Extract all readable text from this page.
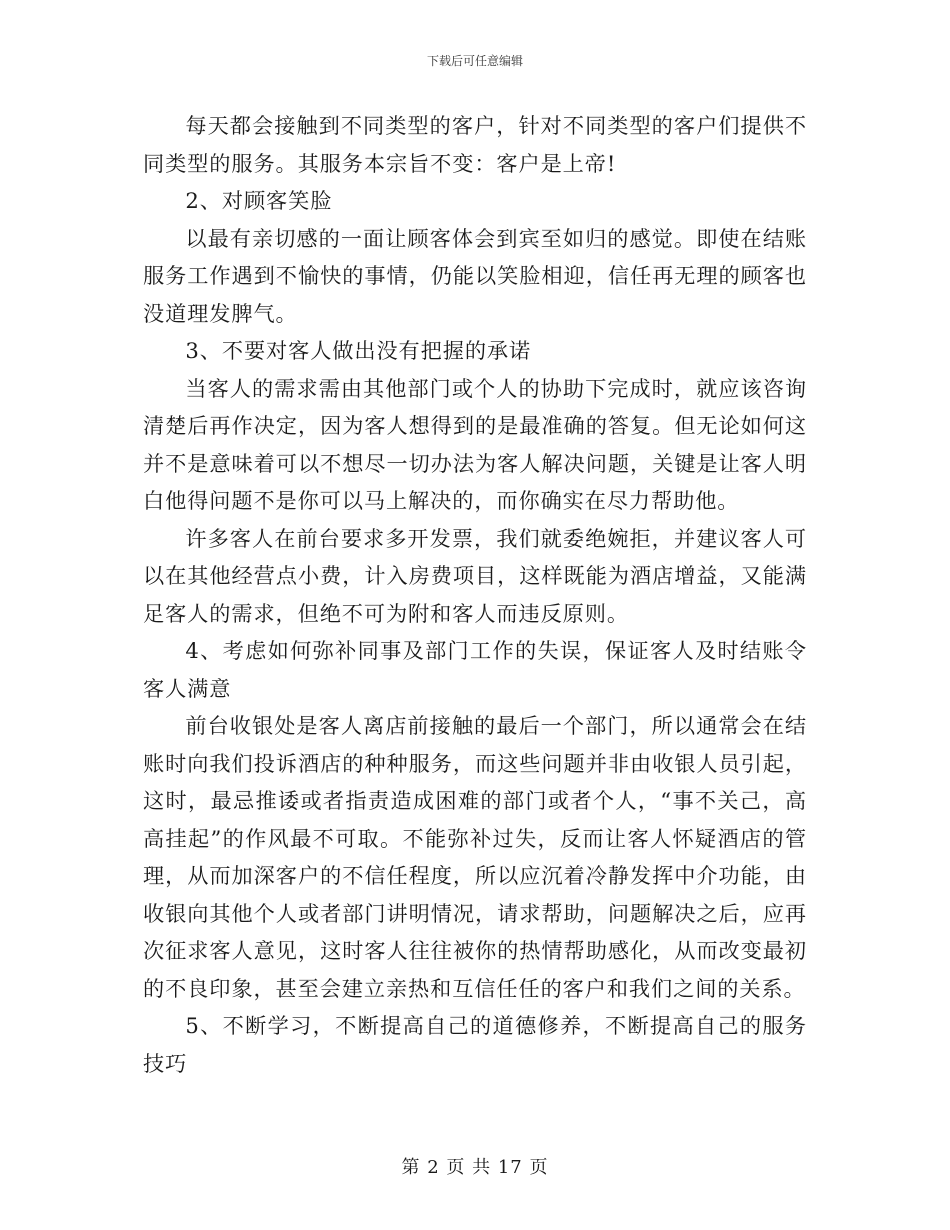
下载后可任意编辑

每天都会接触到不同类型的客户，针对不同类型的客户们提供不同类型的服务。其服务本宗旨不变：客户是上帝!

2、对顾客笑脸

以最有亲切感的一面让顾客体会到宾至如归的感觉。即使在结账服务工作遇到不愉快的事情，仍能以笑脸相迎，信任再无理的顾客也没道理发脾气。

3、不要对客人做出没有把握的承诺

当客人的需求需由其他部门或个人的协助下完成时，就应该咨询清楚后再作决定，因为客人想得到的是最准确的答复。但无论如何这并不是意味着可以不想尽一切办法为客人解决问题，关键是让客人明白他得问题不是你可以马上解决的，而你确实在尽力帮助他。

许多客人在前台要求多开发票，我们就委绝婉拒，并建议客人可以在其他经营点小费，计入房费项目，这样既能为酒店增益，又能满足客人的需求，但绝不可为附和客人而违反原则。

4、考虑如何弥补同事及部门工作的失误，保证客人及时结账令客人满意

前台收银处是客人离店前接触的最后一个部门，所以通常会在结账时向我们投诉酒店的种种服务，而这些问题并非由收银人员引起，这时，最忌推诿或者指责造成困难的部门或者个人，“事不关己，高高挂起”的作风最不可取。不能弥补过失，反而让客人怀疑酒店的管理，从而加深客户的不信任程度，所以应沉着冷静发挥中介功能，由收银向其他个人或者部门讲明情况，请求帮助，问题解决之后，应再次征求客人意见，这时客人往往被你的热情帮助感化，从而改变最初的不良印象，甚至会建立亲热和互信任任的客户和我们之间的关系。

5、不断学习，不断提高自己的道德修养，不断提高自己的服务技巧

第 2 页 共 17 页
